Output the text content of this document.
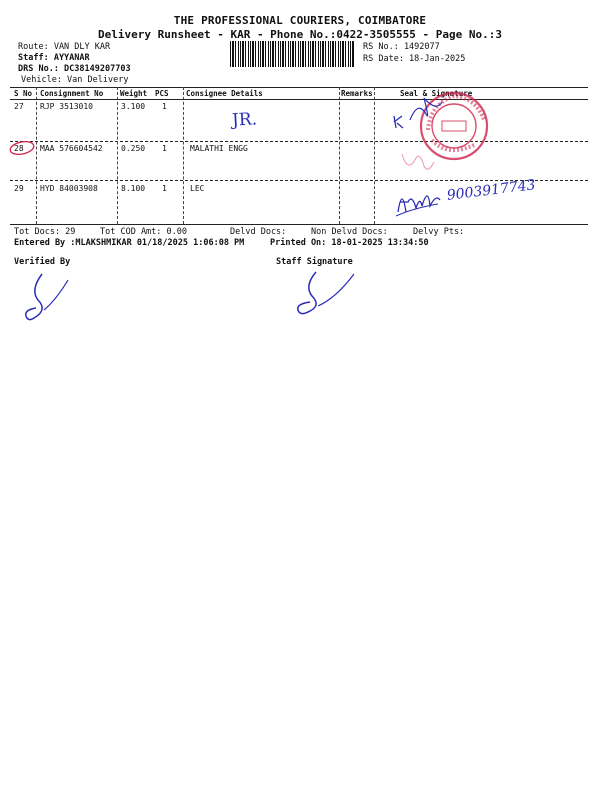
THE PROFESSIONAL COURIERS, COIMBATORE
Delivery Runsheet - KAR - Phone No.:0422-3505555 - Page No.:3
Route: VAN DLY KAR
Staff: AYYANAR
DRS No.: DC38149207703
Vehicle: Van Delivery
RS No.: 1492077
RS Date: 18-Jan-2025
S No Consignment No Weight PCS Consignee Details	Remarks	Seal & Signature
27 RJP 3513010	3.100 1
28 MAA 576604542 0.250 1	MALATHI ENGG
29 HYD 84003908	8.100 1	LEC
JR.
9003917743
Tot Docs: 29	Tot COD Amt: 0.00	Delvd Docs:	Non Delvd Docs:	Delvy Pts:
Entered By :MLAKSHMIKAR 01/18/2025 1:06:08 PM	Printed On: 18-01-2025 13:34:50
Verified By	Staff Signature
